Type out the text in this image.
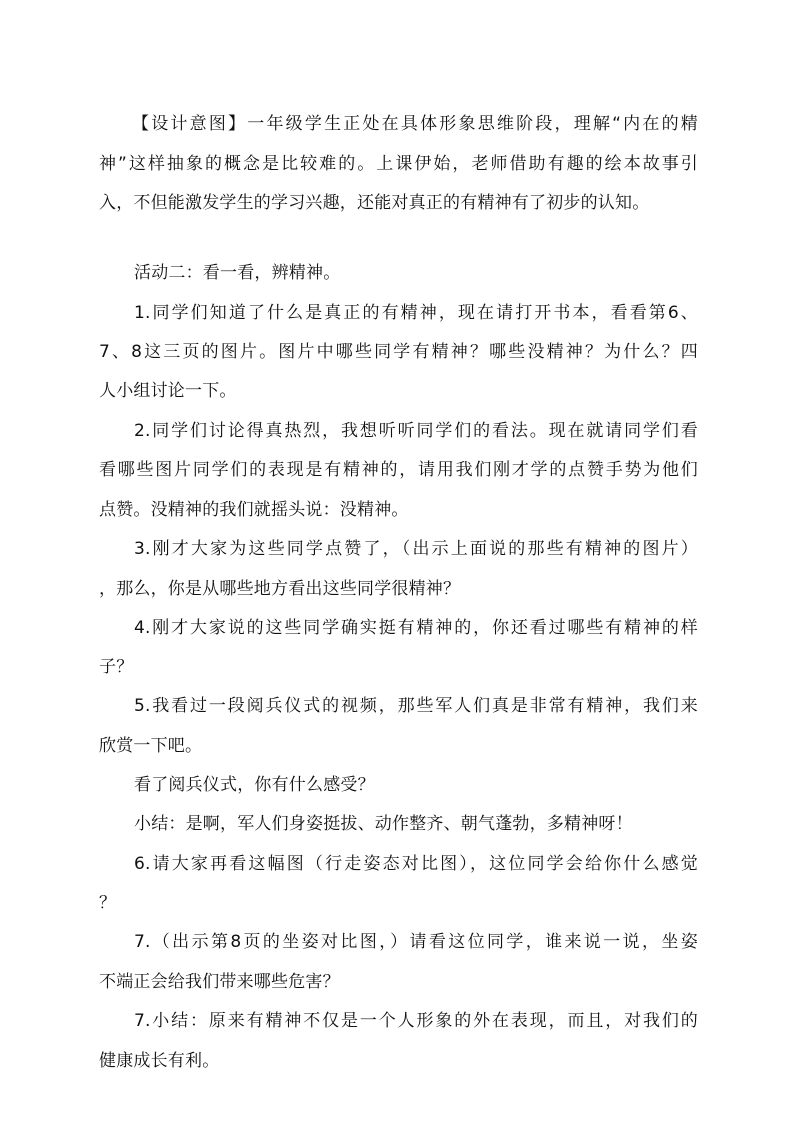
【设计意图】一年级学生正处在具体形象思维阶段，理解“内在的精
神”这样抽象的概念是比较难的。上课伊始，老师借助有趣的绘本故事引
入，不但能激发学生的学习兴趣，还能对真正的有精神有了初步的认知。
活动二：看一看，辨精神。
1.同学们知道了什么是真正的有精神，现在请打开书本，看看第6、
7、8这三页的图片。图片中哪些同学有精神？哪些没精神？为什么？四
人小组讨论一下。
2.同学们讨论得真热烈，我想听听同学们的看法。现在就请同学们看
看哪些图片同学们的表现是有精神的，请用我们刚才学的点赞手势为他们
点赞。没精神的我们就摇头说：没精神。
3.刚才大家为这些同学点赞了，（出示上面说的那些有精神的图片）
，那么，你是从哪些地方看出这些同学很精神？
4.刚才大家说的这些同学确实挺有精神的，你还看过哪些有精神的样
子？
5.我看过一段阅兵仪式的视频，那些军人们真是非常有精神，我们来
欣赏一下吧。
看了阅兵仪式，你有什么感受？
小结：是啊，军人们身姿挺拔、动作整齐、朝气蓬勃，多精神呀！
6.请大家再看这幅图（行走姿态对比图），这位同学会给你什么感觉
？
7.（出示第8页的坐姿对比图，）请看这位同学，谁来说一说，坐姿
不端正会给我们带来哪些危害？
7.小结：原来有精神不仅是一个人形象的外在表现，而且，对我们的
健康成长有利。
